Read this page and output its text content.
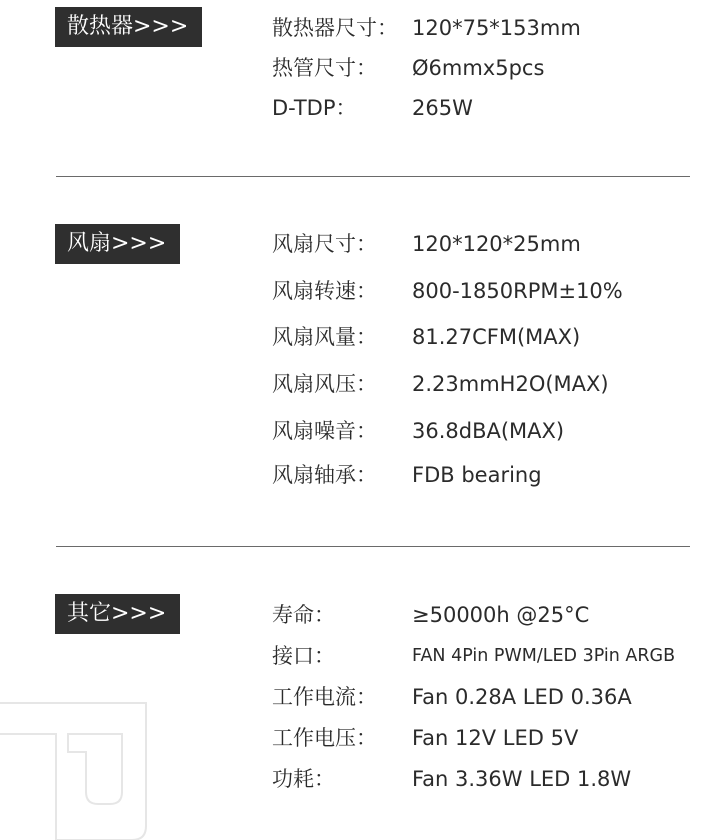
散热器>>>	散热器尺寸： 120*75*153mm
热管尺寸： Ø6mmx5pcs
D-TDP：	265W
风扇>>>	风扇尺寸： 120*120*25mm
风扇转速： 800-1850RPM±10%
风扇风量： 81.27CFM(MAX)
风扇风压： 2.23mmH2O(MAX)
风扇噪音： 36.8dBA(MAX)
风扇轴承： FDB bearing
其它>>>	寿命：	≥50000h @25°C
接口：	FAN 4Pin PWM/LED 3Pin ARGB
工作电流： Fan 0.28A LED 0.36A
工作电压： Fan 12V LED 5V
功耗：	Fan 3.36W LED 1.8W
